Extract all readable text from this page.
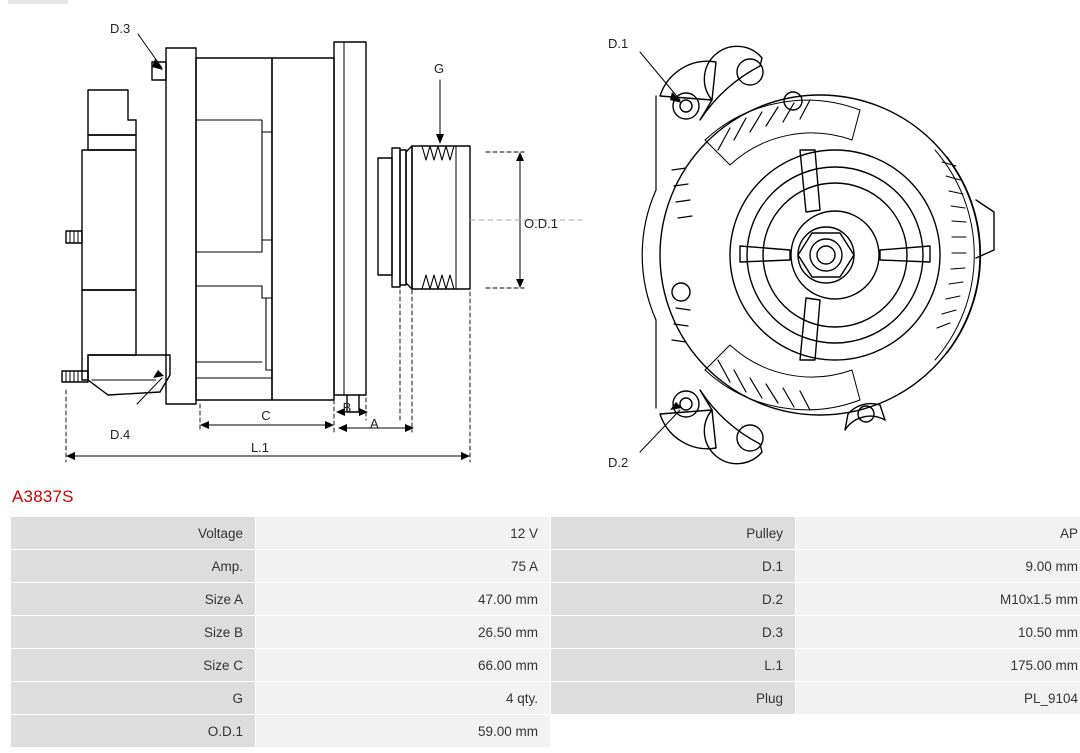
D.3
D.4
G
O.D.1
A
B
C
L.1
D.1
D.2
A3837S
Voltage	12 V	Pulley	AP
Amp.	75 A	D.1	9.00 mm
Size A	47.00 mm	D.2	M10x1.5 mm
Size B	26.50 mm	D.3	10.50 mm
Size C	66.00 mm	L.1	175.00 mm
G	4 qty.	Plug	PL_9104
O.D.1	59.00 mm		
